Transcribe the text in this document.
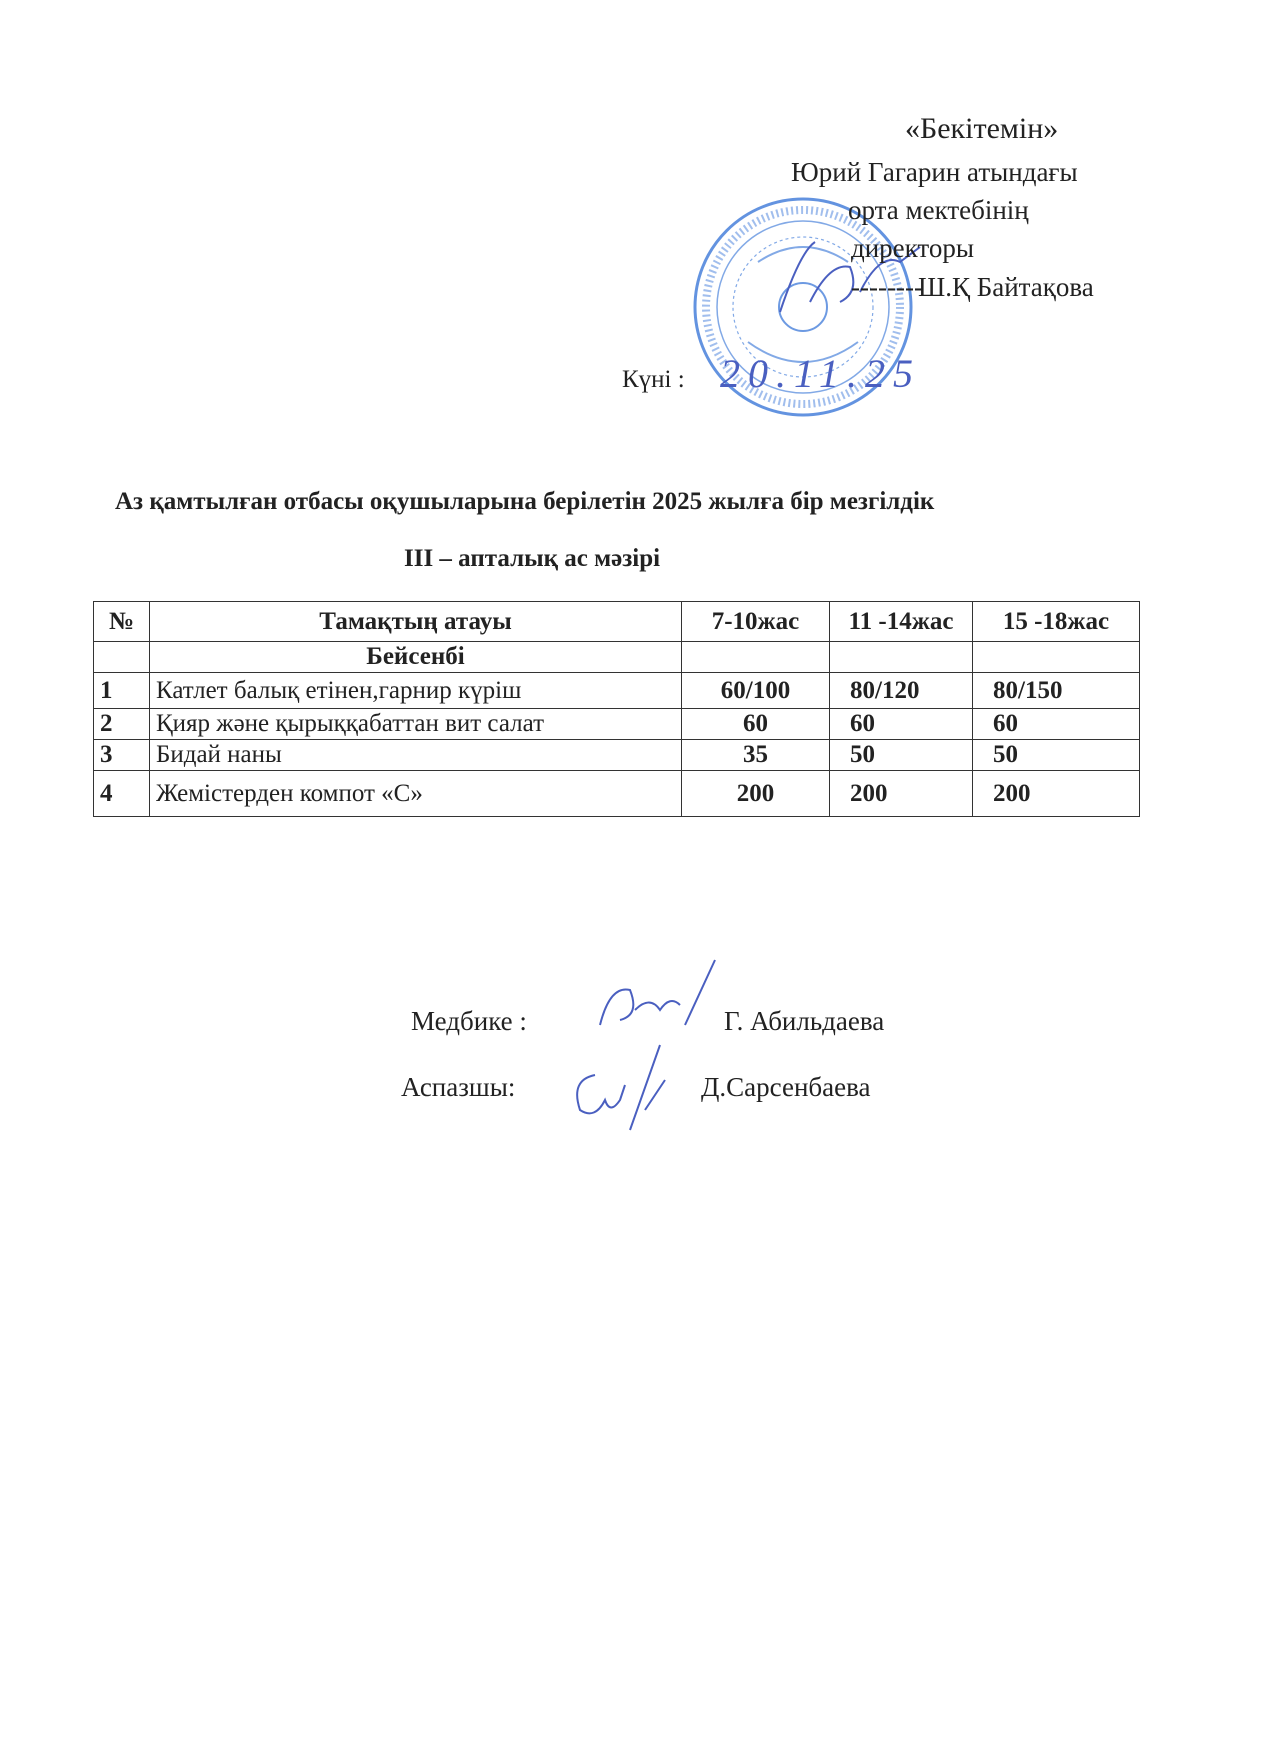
«Бекітемін»
Юрий Гагарин атындағы
орта мектебінің
директоры
--------
Ш.Қ Байтақова
Күні : 20.11.25
Аз қамтылған отбасы оқушыларына берілетін 2025 жылға бір мезгілдік
III – апталық ас мәзірі
№	Тамақтың атауы	7-10жас	11 -14жас	15 -18жас
	Бейсенбі			
1	Катлет балық етінен,гарнир күріш	60/100	80/120	80/150
2	Қияр және қырыққабаттан вит салат	60	60	60
3	Бидай наны	35	50	50
4	Жемістерден компот «С»	200	200	200
Медбике :	Г. Абильдаева
Аспазшы:	Д.Сарсенбаева
